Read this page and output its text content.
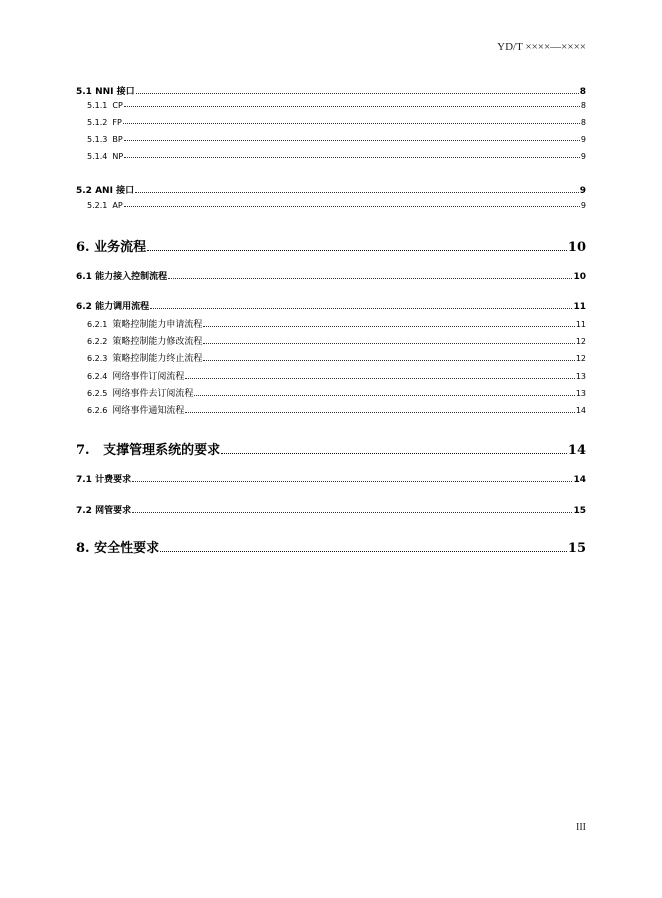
YD/T ××××—××××
5.1 NNI 接口	8
5.1.1 CP	8
5.1.2 FP	8
5.1.3 BP	9
5.1.4 NP	9
5.2 ANI 接口	9
5.2.1 AP	9
6. 业务流程	10
6.1 能力接入控制流程	10
6.2 能力调用流程	11
6.2.1 策略控制能力申请流程	11
6.2.2 策略控制能力修改流程	12
6.2.3 策略控制能力终止流程	12
6.2.4 网络事件订阅流程	13
6.2.5 网络事件去订阅流程	13
6.2.6 网络事件通知流程	14
7. 支撑管理系统的要求	14
7.1 计费要求	14
7.2 网管要求	15
8. 安全性要求	15
III
